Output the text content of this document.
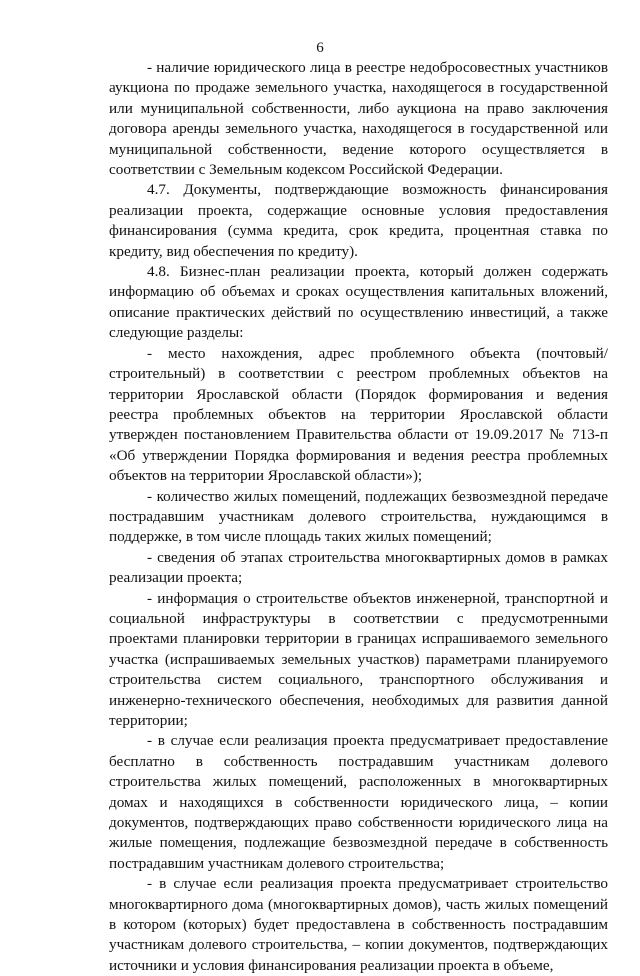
6

- наличие юридического лица в реестре недобросовестных участников аукциона по продаже земельного участка, находящегося в государственной или муниципальной собственности, либо аукциона на право заключения договора аренды земельного участка, находящегося в государственной или муниципальной собственности, ведение которого осуществляется в соответствии с Земельным кодексом Российской Федерации.

4.7. Документы, подтверждающие возможность финансирования реализации проекта, содержащие основные условия предоставления финансирования (сумма кредита, срок кредита, процентная ставка по кредиту, вид обеспечения по кредиту).

4.8. Бизнес-план реализации проекта, который должен содержать информацию об объемах и сроках осуществления капитальных вложений, описание практических действий по осуществлению инвестиций, а также следующие разделы:

- место нахождения, адрес проблемного объекта (почтовый/строительный) в соответствии с реестром проблемных объектов на территории Ярославской области (Порядок формирования и ведения реестра проблемных объектов на территории Ярославской области утвержден постановлением Правительства области от 19.09.2017 № 713-п «Об утверждении Порядка формирования и ведения реестра проблемных объектов на территории Ярославской области»);

- количество жилых помещений, подлежащих безвозмездной передаче пострадавшим участникам долевого строительства, нуждающимся в поддержке, в том числе площадь таких жилых помещений;

- сведения об этапах строительства многоквартирных домов в рамках реализации проекта;

- информация о строительстве объектов инженерной, транспортной и социальной инфраструктуры в соответствии с предусмотренными проектами планировки территории в границах испрашиваемого земельного участка (испрашиваемых земельных участков) параметрами планируемого строительства систем социального, транспортного обслуживания и инженерно-технического обеспечения, необходимых для развития данной территории;

- в случае если реализация проекта предусматривает предоставление бесплатно в собственность пострадавшим участникам долевого строительства жилых помещений, расположенных в многоквартирных домах и находящихся в собственности юридического лица, – копии документов, подтверждающих право собственности юридического лица на жилые помещения, подлежащие безвозмездной передаче в собственность пострадавшим участникам долевого строительства;

- в случае если реализация проекта предусматривает строительство многоквартирного дома (многоквартирных домов), часть жилых помещений в котором (которых) будет предоставлена в собственность пострадавшим участникам долевого строительства, – копии документов, подтверждающих источники и условия финансирования реализации проекта в объеме,
